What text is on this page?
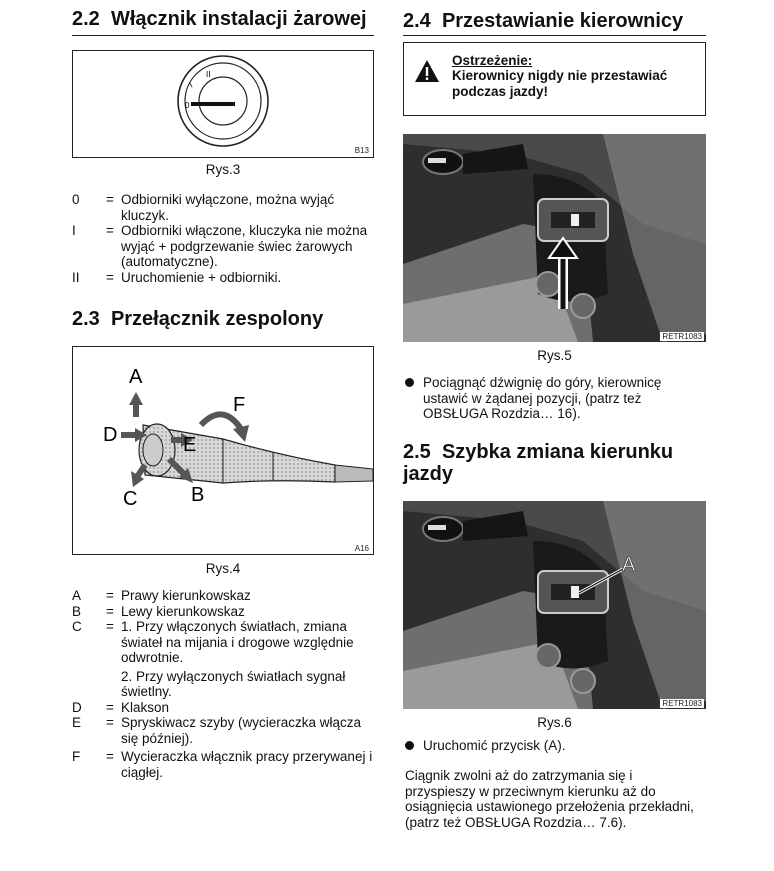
2.2 Włącznik instalacji żarowej
0
I
II
B13
Rys.3
0	= Odbiorniki wyłączone, można wyjąć kluczyk.
I	= Odbiorniki włączone, kluczyka nie można wyjąć + podgrzewanie świec żarowych (automatyczne).
II	= Uruchomienie + odbiorniki.
2.3 Przełącznik zespolony
A
F
D	E
B
C
A16
Rys.4
A	= Prawy kierunkowskaz
B	= Lewy kierunkowskaz
C	= 1. Przy włączonych światłach, zmiana świateł na mijania i drogowe względnie odwrotnie.
2. Przy wyłączonych światłach sygnał świetlny.
D	= Klakson
E	= Spryskiwacz szyby (wycieraczka włącza się później).
F	= Wycieraczka włącznik pracy przerywanej i ciągłej.
2.4 Przestawianie kierownicy
Ostrzeżenie:
Kierownicy nigdy nie przestawiać podczas jazdy!
RETR1083
Rys.5
Pociągnąć dźwignię do góry, kierownicę ustawić w żądanej pozycji, (patrz też OBSŁUGA Rozdzia… 16).
2.5 Szybka zmiana kierunku
jazdy
A
RETR1083
Rys.6
Uruchomić przycisk (A).
Ciągnik zwolni aż do zatrzymania się i przyspieszy w przeciwnym kierunku aż do osiągnięcia ustawionego przełożenia przekładni, (patrz też OBSŁUGA Rozdzia… 7.6).
